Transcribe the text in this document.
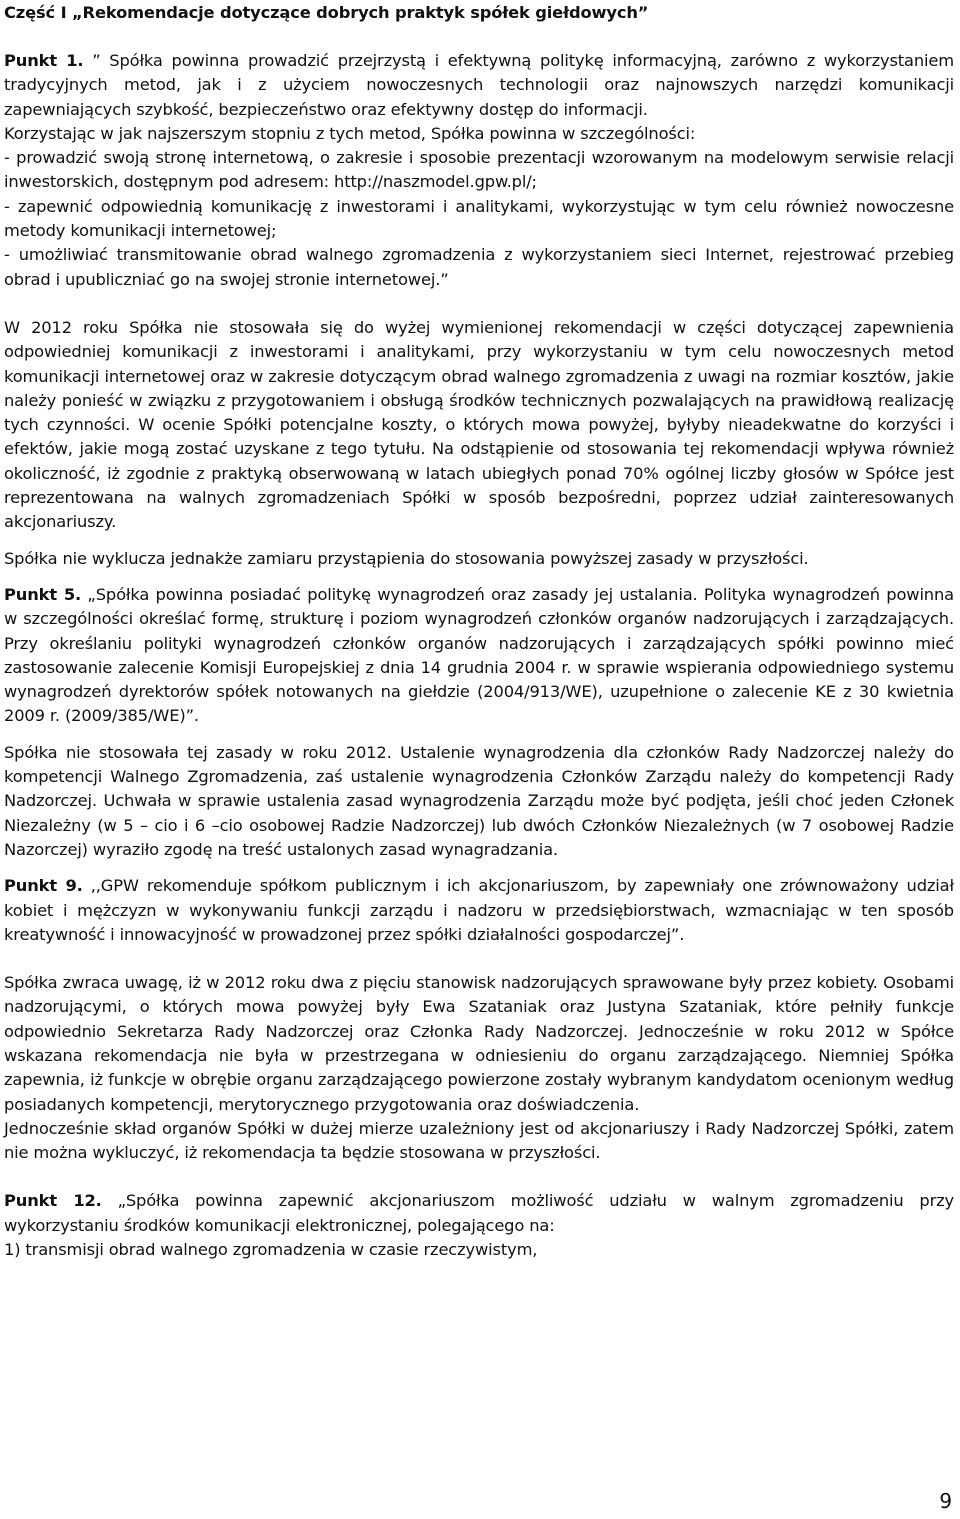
Część I „Rekomendacje dotyczące dobrych praktyk spółek giełdowych”

Punkt 1. ” Spółka powinna prowadzić przejrzystą i efektywną politykę informacyjną, zarówno z wykorzystaniem tradycyjnych metod, jak i z użyciem nowoczesnych technologii oraz najnowszych narzędzi komunikacji zapewniających szybkość, bezpieczeństwo oraz efektywny dostęp do informacji.

Korzystając w jak najszerszym stopniu z tych metod, Spółka powinna w szczególności:

- prowadzić swoją stronę internetową, o zakresie i sposobie prezentacji wzorowanym na modelowym serwisie relacji inwestorskich, dostępnym pod adresem: http://naszmodel.gpw.pl/;

- zapewnić odpowiednią komunikację z inwestorami i analitykami, wykorzystując w tym celu również nowoczesne metody komunikacji internetowej;

- umożliwiać transmitowanie obrad walnego zgromadzenia z wykorzystaniem sieci Internet, rejestrować przebieg obrad i upubliczniać go na swojej stronie internetowej.”

W 2012 roku Spółka nie stosowała się do wyżej wymienionej rekomendacji w części dotyczącej zapewnienia odpowiedniej komunikacji z inwestorami i analitykami, przy wykorzystaniu w tym celu nowoczesnych metod komunikacji internetowej oraz w zakresie dotyczącym obrad walnego zgromadzenia z uwagi na rozmiar kosztów, jakie należy ponieść w związku z przygotowaniem i obsługą środków technicznych pozwalających na prawidłową realizację tych czynności. W ocenie Spółki potencjalne koszty, o których mowa powyżej, byłyby nieadekwatne do korzyści i efektów, jakie mogą zostać uzyskane z tego tytułu. Na odstąpienie od stosowania tej rekomendacji wpływa również okoliczność, iż zgodnie z praktyką obserwowaną w latach ubiegłych ponad 70% ogólnej liczby głosów w Spółce jest reprezentowana na walnych zgromadzeniach Spółki w sposób bezpośredni, poprzez udział zainteresowanych akcjonariuszy.

Spółka nie wyklucza jednakże zamiaru przystąpienia do stosowania powyższej zasady w przyszłości.

Punkt 5. „Spółka powinna posiadać politykę wynagrodzeń oraz zasady jej ustalania. Polityka wynagrodzeń powinna w szczególności określać formę, strukturę i poziom wynagrodzeń członków organów nadzorujących i zarządzających. Przy określaniu polityki wynagrodzeń członków organów nadzorujących i zarządzających spółki powinno mieć zastosowanie zalecenie Komisji Europejskiej z dnia 14 grudnia 2004 r. w sprawie wspierania odpowiedniego systemu wynagrodzeń dyrektorów spółek notowanych na giełdzie (2004/913/WE), uzupełnione o zalecenie KE z 30 kwietnia 2009 r. (2009/385/WE)”.

Spółka nie stosowała tej zasady w roku 2012. Ustalenie wynagrodzenia dla członków Rady Nadzorczej należy do kompetencji Walnego Zgromadzenia, zaś ustalenie wynagrodzenia Członków Zarządu należy do kompetencji Rady Nadzorczej. Uchwała w sprawie ustalenia zasad wynagrodzenia Zarządu może być podjęta, jeśli choć jeden Członek Niezależny (w 5 – cio i 6 –cio osobowej Radzie Nadzorczej) lub dwóch Członków Niezależnych (w 7 osobowej Radzie Nazorczej) wyraziło zgodę na treść ustalonych zasad wynagradzania.

Punkt 9. ,,GPW rekomenduje spółkom publicznym i ich akcjonariuszom, by zapewniały one zrównoważony udział kobiet i mężczyzn w wykonywaniu funkcji zarządu i nadzoru w przedsiębiorstwach, wzmacniając w ten sposób kreatywność i innowacyjność w prowadzonej przez spółki działalności gospodarczej”.

Spółka zwraca uwagę, iż w 2012 roku dwa z pięciu stanowisk nadzorujących sprawowane były przez kobiety. Osobami nadzorującymi, o których mowa powyżej były Ewa Szataniak oraz Justyna Szataniak, które pełniły funkcje odpowiednio Sekretarza Rady Nadzorczej oraz Członka Rady Nadzorczej. Jednocześnie w roku 2012 w Spółce wskazana rekomendacja nie była w przestrzegana w odniesieniu do organu zarządzającego. Niemniej Spółka zapewnia, iż funkcje w obrębie organu zarządzającego powierzone zostały wybranym kandydatom ocenionym według posiadanych kompetencji, merytorycznego przygotowania oraz doświadczenia.

Jednocześnie skład organów Spółki w dużej mierze uzależniony jest od akcjonariuszy i Rady Nadzorczej Spółki, zatem nie można wykluczyć, iż rekomendacja ta będzie stosowana w przyszłości.

Punkt 12. „Spółka powinna zapewnić akcjonariuszom możliwość udziału w walnym zgromadzeniu przy wykorzystaniu środków komunikacji elektronicznej, polegającego na:

1) transmisji obrad walnego zgromadzenia w czasie rzeczywistym,

9
